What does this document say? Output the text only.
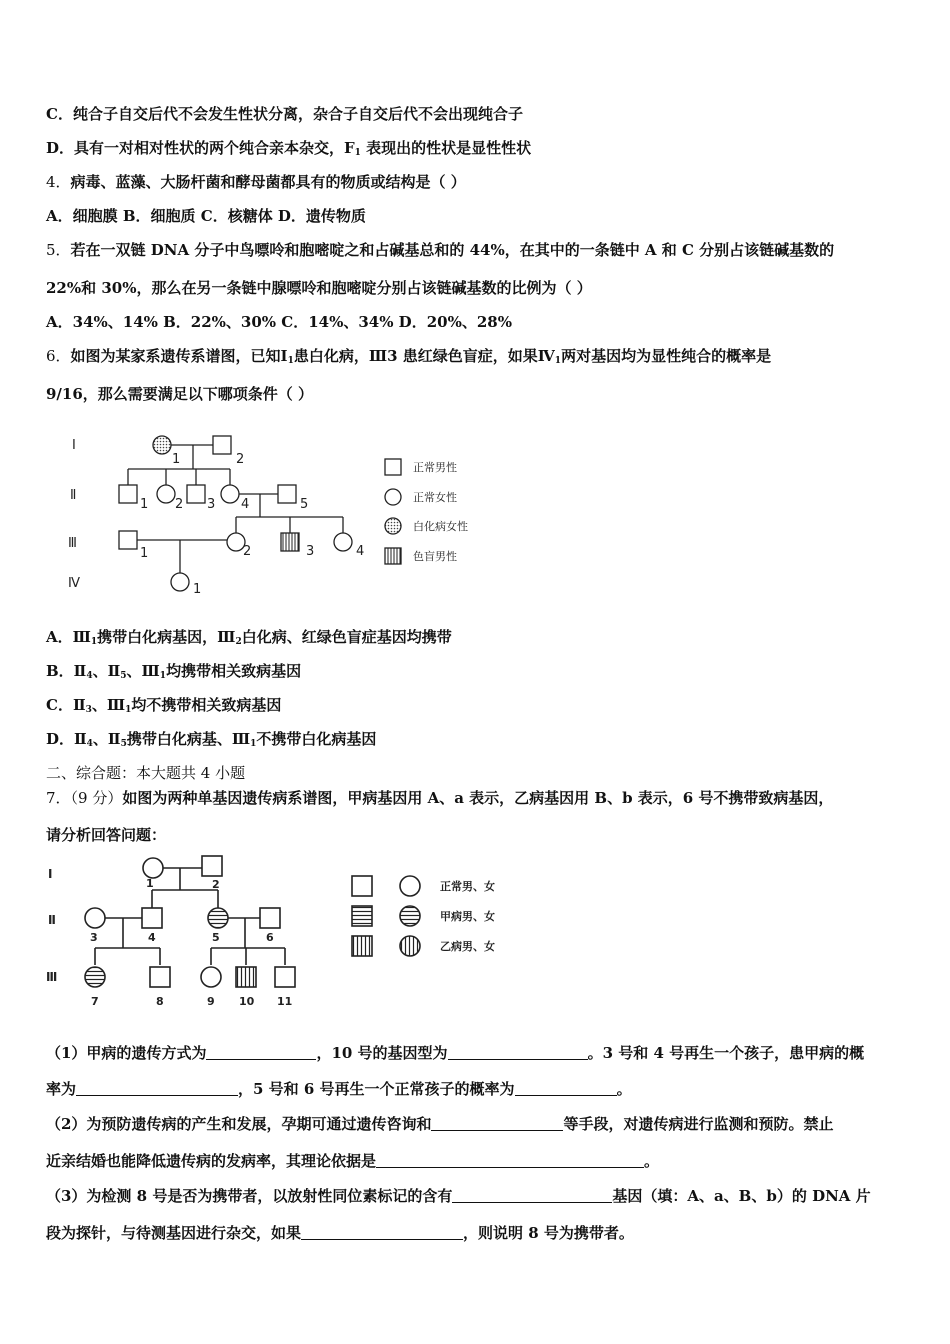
C．纯合子自交后代不会发生性状分离，杂合子自交后代不会出现纯合子
D．具有一对相对性状的两个纯合亲本杂交，$F_1$ 表现出的性状是显性性状
4．病毒、蓝藻、大肠杆菌和酵母菌都具有的物质或结构是（ ）
A．细胞膜 B．细胞质 C．核糖体 D．遗传物质
5．若在一双链 DNA 分子中鸟嘌呤和胞嘧啶之和占碱基总和的 44%，在其中的一条链中 A 和 C 分别占该链碱基数的
22%和 30%，那么在另一条链中腺嘌呤和胞嘧啶分别占该链碱基数的比例为（ ）
A．34%、14% B．22%、30% C．14%、34% D．20%、28%
6．如图为某家系遗传系谱图，已知$Ⅰ_1$患白化病，Ⅲ3 患红绿色盲症，如果$Ⅳ_1$两对基因均为显性纯合的概率是
9/16，那么需要满足以下哪项条件（ ）
Ⅰ
Ⅱ
Ⅲ
Ⅳ
1	2
1 2 3 4	5
1	2	3	4
1
正常男性
正常女性
白化病女性
色盲男性
A．$Ⅲ_1$携带白化病基因，$Ⅲ_2$白化病、红绿色盲症基因均携带
B．$Ⅱ_4$、$Ⅱ_5$、$Ⅲ_1$均携带相关致病基因
C．$Ⅱ_3$、$Ⅲ_1$均不携带相关致病基因
D．$Ⅱ_4$、$Ⅱ_5$携带白化病基、$Ⅲ_1$不携带白化病基因
二、综合题：本大题共 4 小题
7．（9 分）如图为两种单基因遗传病系谱图，甲病基因用 A、a 表示，乙病基因用 B、b 表示，6 号不携带致病基因，
请分析回答问题：
Ⅰ
Ⅱ
Ⅲ
1	2
3	4	5	6
7	8	9 10 11
正常男、女
甲病男、女
乙病男、女
（1）甲病的遗传方式为	，10 号的基因型为	。3 号和 4 号再生一个孩子，患甲病的概
率为	，5 号和 6 号再生一个正常孩子的概率为	。
（2）为预防遗传病的产生和发展，孕期可通过遗传咨询和	等手段，对遗传病进行监测和预防。禁止
近亲结婚也能降低遗传病的发病率，其理论依据是	。
（3）为检测 8 号是否为携带者，以放射性同位素标记的含有	基因（填：A、a、B、b）的 DNA 片
段为探针，与待测基因进行杂交，如果	，则说明 8 号为携带者。
